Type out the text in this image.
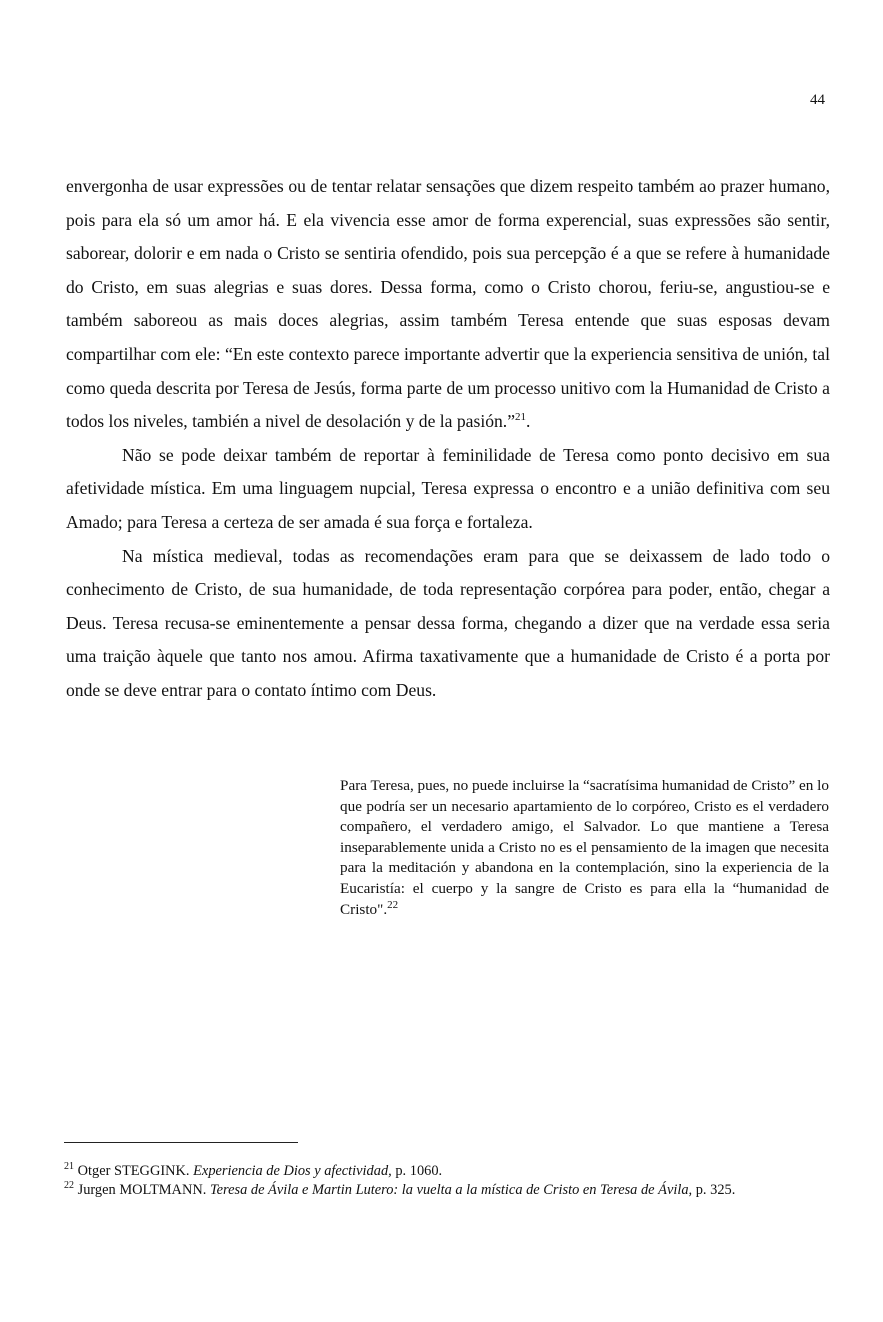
44

envergonha de usar expressões ou de tentar relatar sensações que dizem respeito também ao prazer humano, pois para ela só um amor há. E ela vivencia esse amor de forma experencial, suas expressões são sentir, saborear, dolorir e em nada o Cristo se sentiria ofendido, pois sua percepção é a que se refere à humanidade do Cristo, em suas alegrias e suas dores. Dessa forma, como o Cristo chorou, feriu-se, angustiou-se e também saboreou as mais doces alegrias, assim também Teresa entende que suas esposas devam compartilhar com ele: “En este contexto parece importante advertir que la experiencia sensitiva de unión, tal como queda descrita por Teresa de Jesús, forma parte de um processo unitivo com la Humanidad de Cristo a todos los niveles, también a nivel de desolación y de la pasión.”$^{21}$.

Não se pode deixar também de reportar à feminilidade de Teresa como ponto decisivo em sua afetividade mística. Em uma linguagem nupcial, Teresa expressa o encontro e a união definitiva com seu Amado; para Teresa a certeza de ser amada é sua força e fortaleza.

Na mística medieval, todas as recomendações eram para que se deixassem de lado todo o conhecimento de Cristo, de sua humanidade, de toda representação corpórea para poder, então, chegar a Deus. Teresa recusa-se eminentemente a pensar dessa forma, chegando a dizer que na verdade essa seria uma traição àquele que tanto nos amou. Afirma taxativamente que a humanidade de Cristo é a porta por onde se deve entrar para o contato íntimo com Deus.

Para Teresa, pues, no puede incluirse la “sacratísima humanidad de Cristo” en lo que podría ser un necesario apartamiento de lo corpóreo, Cristo es el verdadero compañero, el verdadero amigo, el Salvador. Lo que mantiene a Teresa inseparablemente unida a Cristo no es el pensamiento de la imagen que necesita para la meditación y abandona en la contemplación, sino la experiencia de la Eucaristía: el cuerpo y la sangre de Cristo es para ella la “humanidad de Cristo".$^{22}$

$^{21}$ Otger STEGGINK. Experiencia de Dios y afectividad, p. 1060.

$^{22}$ Jurgen MOLTMANN. Teresa de Ávila e Martin Lutero: la vuelta a la mística de Cristo en Teresa de Ávila, p. 325.
